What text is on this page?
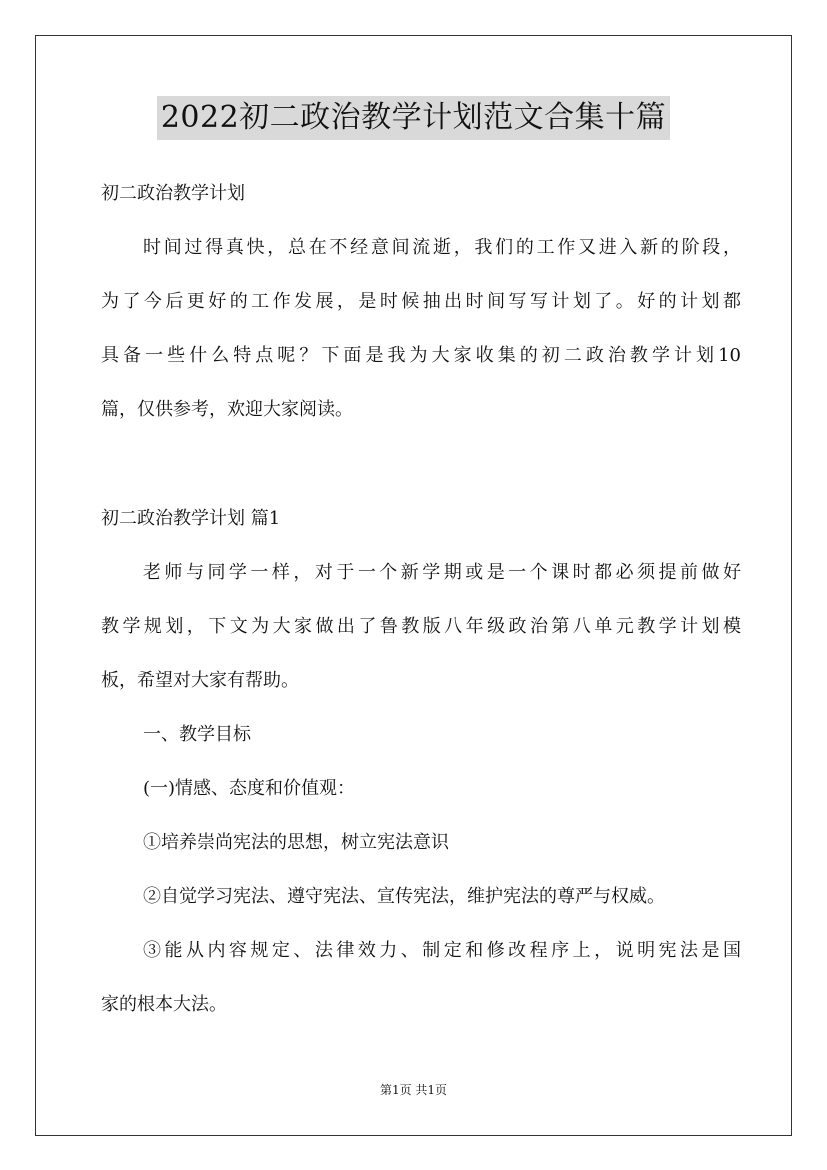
2022初二政治教学计划范文合集十篇
初二政治教学计划
时间过得真快，总在不经意间流逝，我们的工作又进入新的阶段，
为了今后更好的工作发展，是时候抽出时间写写计划了。好的计划都
具备一些什么特点呢？下面是我为大家收集的初二政治教学计划10
篇，仅供参考，欢迎大家阅读。
初二政治教学计划 篇1
老师与同学一样，对于一个新学期或是一个课时都必须提前做好
教学规划，下文为大家做出了鲁教版八年级政治第八单元教学计划模
板，希望对大家有帮助。
一、教学目标
(一)情感、态度和价值观：
①培养崇尚宪法的思想，树立宪法意识
②自觉学习宪法、遵守宪法、宣传宪法，维护宪法的尊严与权威。
③能从内容规定、法律效力、制定和修改程序上，说明宪法是国
家的根本大法。
第1页 共1页
